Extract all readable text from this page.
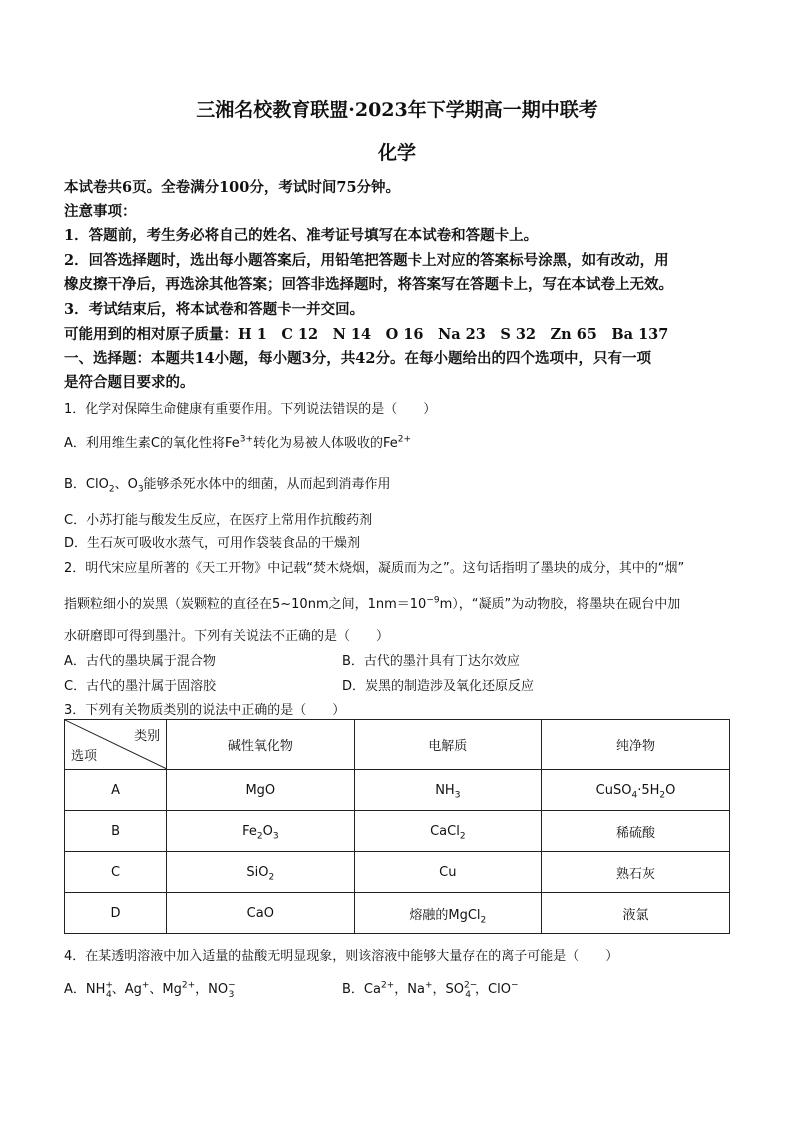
三湘名校教育联盟·2023年下学期高一期中联考
化学
本试卷共6页。全卷满分100分，考试时间75分钟。
注意事项：
1．答题前，考生务必将自己的姓名、准考证号填写在本试卷和答题卡上。
2．回答选择题时，选出每小题答案后，用铅笔把答题卡上对应的答案标号涂黑，如有改动，用
橡皮擦干净后，再选涂其他答案；回答非选择题时，将答案写在答题卡上，写在本试卷上无效。
3．考试结束后，将本试卷和答题卡一并交回。
可能用到的相对原子质量：H 1　C 12　N 14　O 16　Na 23　S 32　Zn 65　Ba 137
一、选择题：本题共14小题，每小题3分，共42分。在每小题给出的四个选项中，只有一项
是符合题目要求的。
1．化学对保障生命健康有重要作用。下列说法错误的是（　　）
A．利用维生素C的氧化性将$Fe^{3+}$转化为易被人体吸收的$Fe^{2+}$
B．ClO$_2$、$O_3$能够杀死水体中的细菌，从而起到消毒作用
C．小苏打能与酸发生反应，在医疗上常用作抗酸药剂
D．生石灰可吸收水蒸气，可用作袋装食品的干燥剂
2．明代宋应星所著的《天工开物》中记载“焚木烧烟，凝质而为之”。这句话指明了墨块的成分，其中的“烟”
指颗粒细小的炭黑（炭颗粒的直径在5~10nm之间，$1nm=10^{-9}m$），“凝质”为动物胶，将墨块在砚台中加
水研磨即可得到墨汁。下列有关说法不正确的是（　　）
A．古代的墨块属于混合物	B．古代的墨汁具有丁达尔效应
C．古代的墨汁属于固溶胶	D．炭黑的制造涉及氧化还原反应
3．下列有关物质类别的说法中正确的是（　　）
类别
选项	碱性氧化物	电解质	纯净物
A	MgO	$NH_3$	$CuSO_4\cdot 5H_2O$
B	$Fe_2O_3$	CaCl$_2$	稀硫酸
C	SiO$_2$	Cu	熟石灰
D	CaO	熔融的MgCl$_2$	液氯
4．在某透明溶液中加入适量的盐酸无明显现象，则该溶液中能够大量存在的离子可能是（　　）
A．$NH^+_4$、Ag+、$Mg^{2+}$，$NO^-_3$	B．$Ca^{2+}$，Na+，$SO^{2-}_4$ ，ClO−
